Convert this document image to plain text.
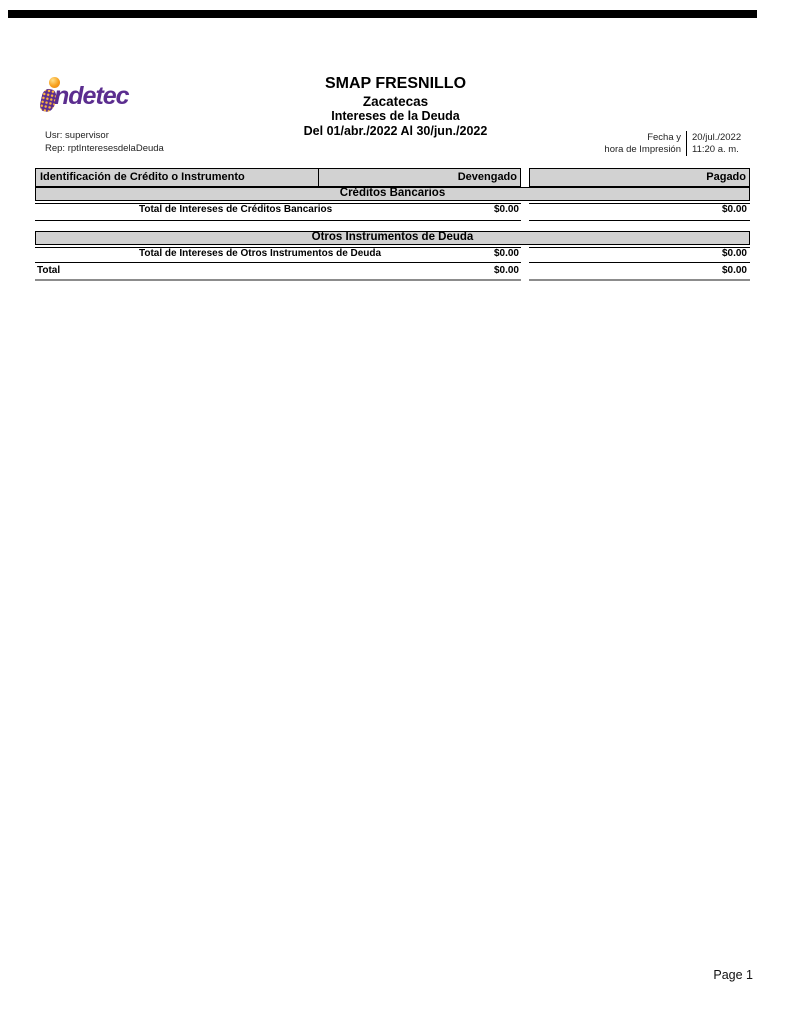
ndetec	SMAP FRESNILLO
Zacatecas
Intereses de la Deuda
Del 01/abr./2022 Al 30/jun./2022
Usr: supervisor
Rep: rptInteresesdelaDeuda
Fecha y
hora de Impresión
20/jul./2022
11:20 a. m.
Identificación de Crédito o Instrumento	Devengado	Pagado
Créditos Bancarios
Total de Intereses de Créditos Bancarios	$0.00	$0.00
Otros Instrumentos de Deuda
Total de Intereses de Otros Instrumentos de Deuda	$0.00	$0.00
Total	$0.00	$0.00
Page 1
